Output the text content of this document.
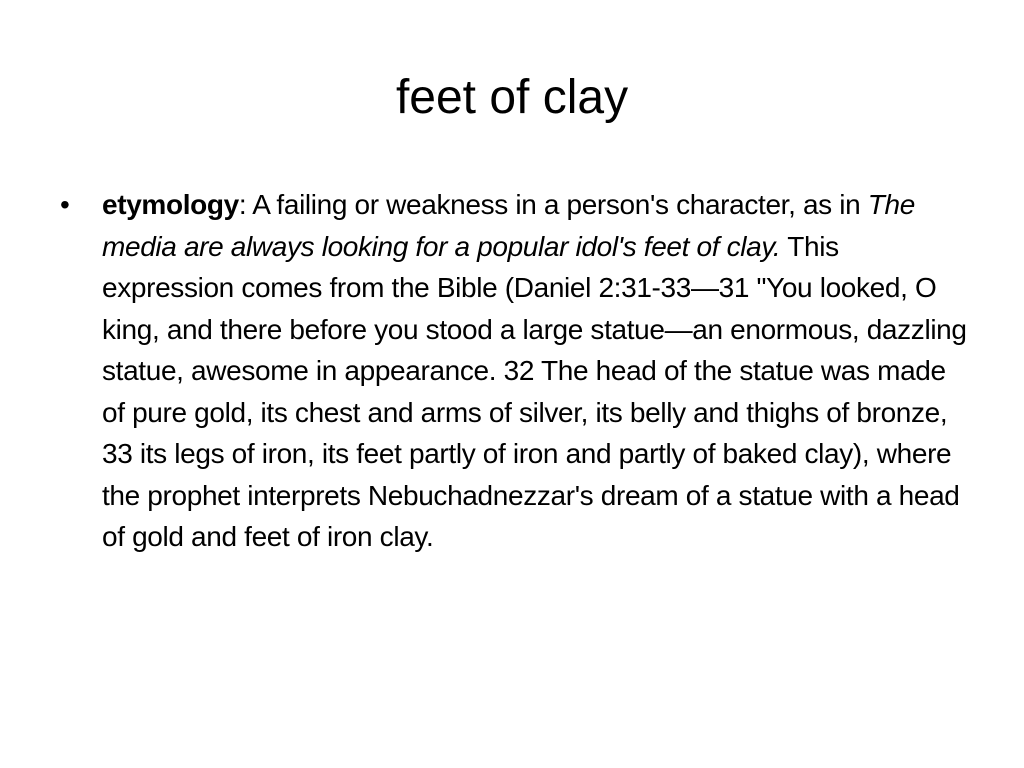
feet of clay
•	etymology: A failing or weakness in a person's character, as in The media are always looking for a popular idol's feet of clay. This expression comes from the Bible (Daniel 2:31-33—31 "You looked, O king, and there before you stood a large statue—an enormous, dazzling statue, awesome in appearance. 32 The head of the statue was made of pure gold, its chest and arms of silver, its belly and thighs of bronze, 33 its legs of iron, its feet partly of iron and partly of baked clay), where the prophet interprets Nebuchadnezzar's dream of a statue with a head of gold and feet of iron clay.
